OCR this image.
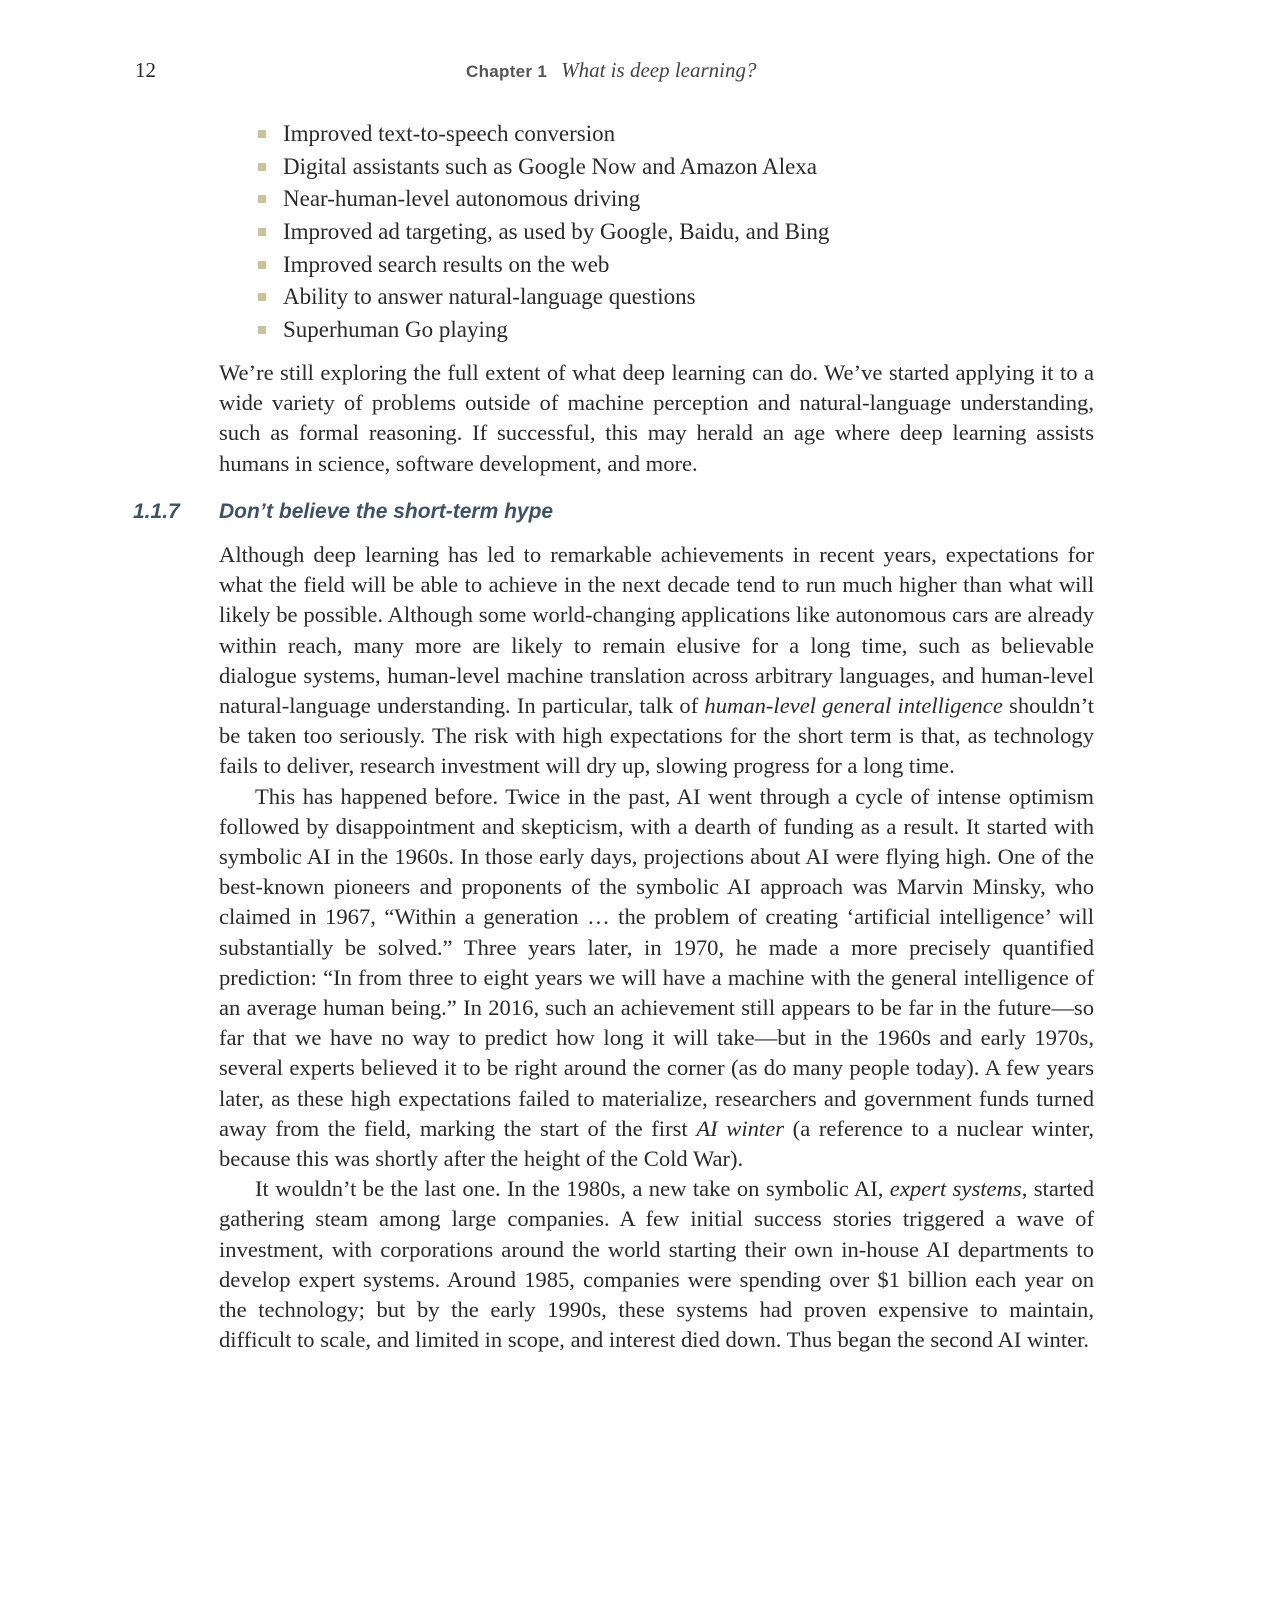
12	Chapter 1 What is deep learning?
Improved text-to-speech conversion
Digital assistants such as Google Now and Amazon Alexa
Near-human-level autonomous driving
Improved ad targeting, as used by Google, Baidu, and Bing
Improved search results on the web
Ability to answer natural-language questions
Superhuman Go playing

We’re still exploring the full extent of what deep learning can do. We’ve started applying it to a wide variety of problems outside of machine perception and natural-language understanding, such as formal reasoning. If successful, this may herald an age where deep learning assists humans in science, software development, and more.

1.1.7 Don’t believe the short-term hype

Although deep learning has led to remarkable achievements in recent years, expectations for what the field will be able to achieve in the next decade tend to run much higher than what will likely be possible. Although some world-changing applications like autonomous cars are already within reach, many more are likely to remain elusive for a long time, such as believable dialogue systems, human-level machine translation across arbitrary languages, and human-level natural-language understanding. In particular, talk of human-level general intelligence shouldn’t be taken too seriously. The risk with high expectations for the short term is that, as technology fails to deliver, research investment will dry up, slowing progress for a long time.

This has happened before. Twice in the past, AI went through a cycle of intense optimism followed by disappointment and skepticism, with a dearth of funding as a result. It started with symbolic AI in the 1960s. In those early days, projections about AI were flying high. One of the best-known pioneers and proponents of the symbolic AI approach was Marvin Minsky, who claimed in 1967, “Within a generation … the problem of creating ‘artificial intelligence’ will substantially be solved.” Three years later, in 1970, he made a more precisely quantified prediction: “In from three to eight years we will have a machine with the general intelligence of an average human being.” In 2016, such an achievement still appears to be far in the future—so far that we have no way to predict how long it will take—but in the 1960s and early 1970s, several experts believed it to be right around the corner (as do many people today). A few years later, as these high expectations failed to materialize, researchers and government funds turned away from the field, marking the start of the first AI winter (a reference to a nuclear winter, because this was shortly after the height of the Cold War).

It wouldn’t be the last one. In the 1980s, a new take on symbolic AI, expert systems, started gathering steam among large companies. A few initial success stories triggered a wave of investment, with corporations around the world starting their own in-house AI departments to develop expert systems. Around 1985, companies were spending over $1 billion each year on the technology; but by the early 1990s, these systems had proven expensive to maintain, difficult to scale, and limited in scope, and interest died down. Thus began the second AI winter.
